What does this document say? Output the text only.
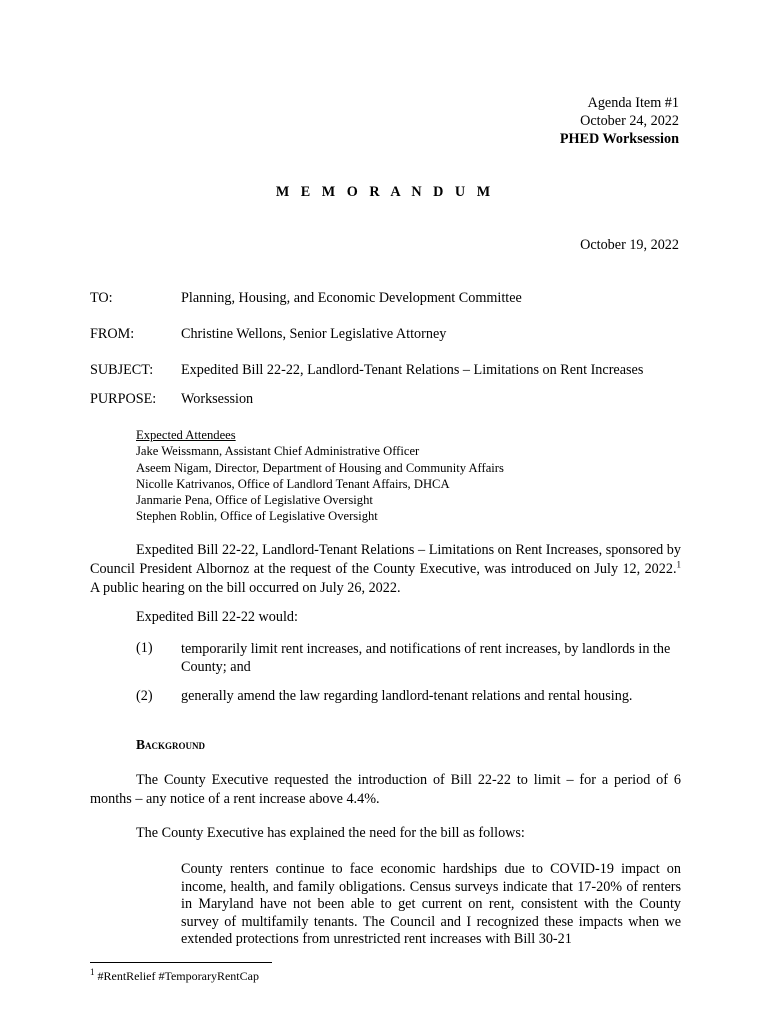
Agenda Item #1
October 24, 2022
PHED Worksession
M E M O R A N D U M
October 19, 2022
TO:	Planning, Housing, and Economic Development Committee
FROM:	Christine Wellons, Senior Legislative Attorney
SUBJECT: Expedited Bill 22-22, Landlord-Tenant Relations – Limitations on Rent Increases
PURPOSE: Worksession
Expected Attendees
Jake Weissmann, Assistant Chief Administrative Officer
Aseem Nigam, Director, Department of Housing and Community Affairs
Nicolle Katrivanos, Office of Landlord Tenant Affairs, DHCA
Janmarie Pena, Office of Legislative Oversight
Stephen Roblin, Office of Legislative Oversight
Expedited Bill 22-22, Landlord-Tenant Relations – Limitations on Rent Increases, sponsored by Council President Albornoz at the request of the County Executive, was introduced on July 12, 2022.$^1$ A public hearing on the bill occurred on July 26, 2022.
Expedited Bill 22-22 would:
(1) temporarily limit rent increases, and notifications of rent increases, by landlords in the County; and
(2) generally amend the law regarding landlord-tenant relations and rental housing.
Background
The County Executive requested the introduction of Bill 22-22 to limit – for a period of 6 months – any notice of a rent increase above 4.4%.
The County Executive has explained the need for the bill as follows:
County renters continue to face economic hardships due to COVID-19 impact on income, health, and family obligations. Census surveys indicate that 17-20% of renters in Maryland have not been able to get current on rent, consistent with the County survey of multifamily tenants. The Council and I recognized these impacts when we extended protections from unrestricted rent increases with Bill 30-21
$^1$ #RentRelief #TemporaryRentCap
